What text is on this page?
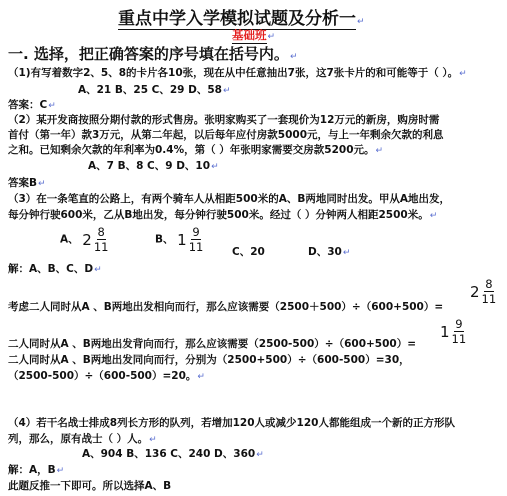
重点中学入学模拟试题及分析一↵
基础班↵
一. 选择，把正确答案的序号填在括号内。↵
（1)有写着数字2、5、8的卡片各10张，现在从中任意抽出7张，这7张卡片的和可能等于（ ）。↵
A、21 B、25 C、29 D、58↵
答案：C↵
（2）某开发商按照分期付款的形式售房。张明家购买了一套现价为12万元的新房，购房时需
首付（第一年）款3万元，从第二年起，以后每年应付房款5000元，与上一年剩余欠款的利息
之和。已知剩余欠款的年利率为0.4%，第（ ）年张明家需要交房款5200元。↵
A、7 B、8 C、9 D、10↵
答案B↵
（3）在一条笔直的公路上，有两个骑车人从相距500米的A、B两地同时出发。甲从A地出发，
每分钟行驶600米，乙从B地出发，每分钟行驶500米。经过（ ）分钟两人相距2500米。↵
A、 $2 \frac{8}{11}$	B、 $1 \frac{9}{11}$	C、20	D、30↵
解：A、B、C、D↵
考虑二人同时从A 、B两地出发相向而行，那么应该需要（2500＋500）÷（600+500）=
$2 \frac{8}{11}$
二人同时从A 、B两地出发背向而行，那么应该需要（2500-500）÷（600+500）=
$1 \frac{9}{11}$
二人同时从A 、B两地出发同向而行，分别为（2500+500）÷（600-500）=30，
（2500-500）÷（600-500）=20。↵
（4）若干名战士排成8列长方形的队列，若增加120人或减少120人都能组成一个新的正方形队
列，那么，原有战士（ ）人。↵
A、904 B、136 C、240 D、360↵
解：A，B↵
此题反推一下即可。所以选择A、B
